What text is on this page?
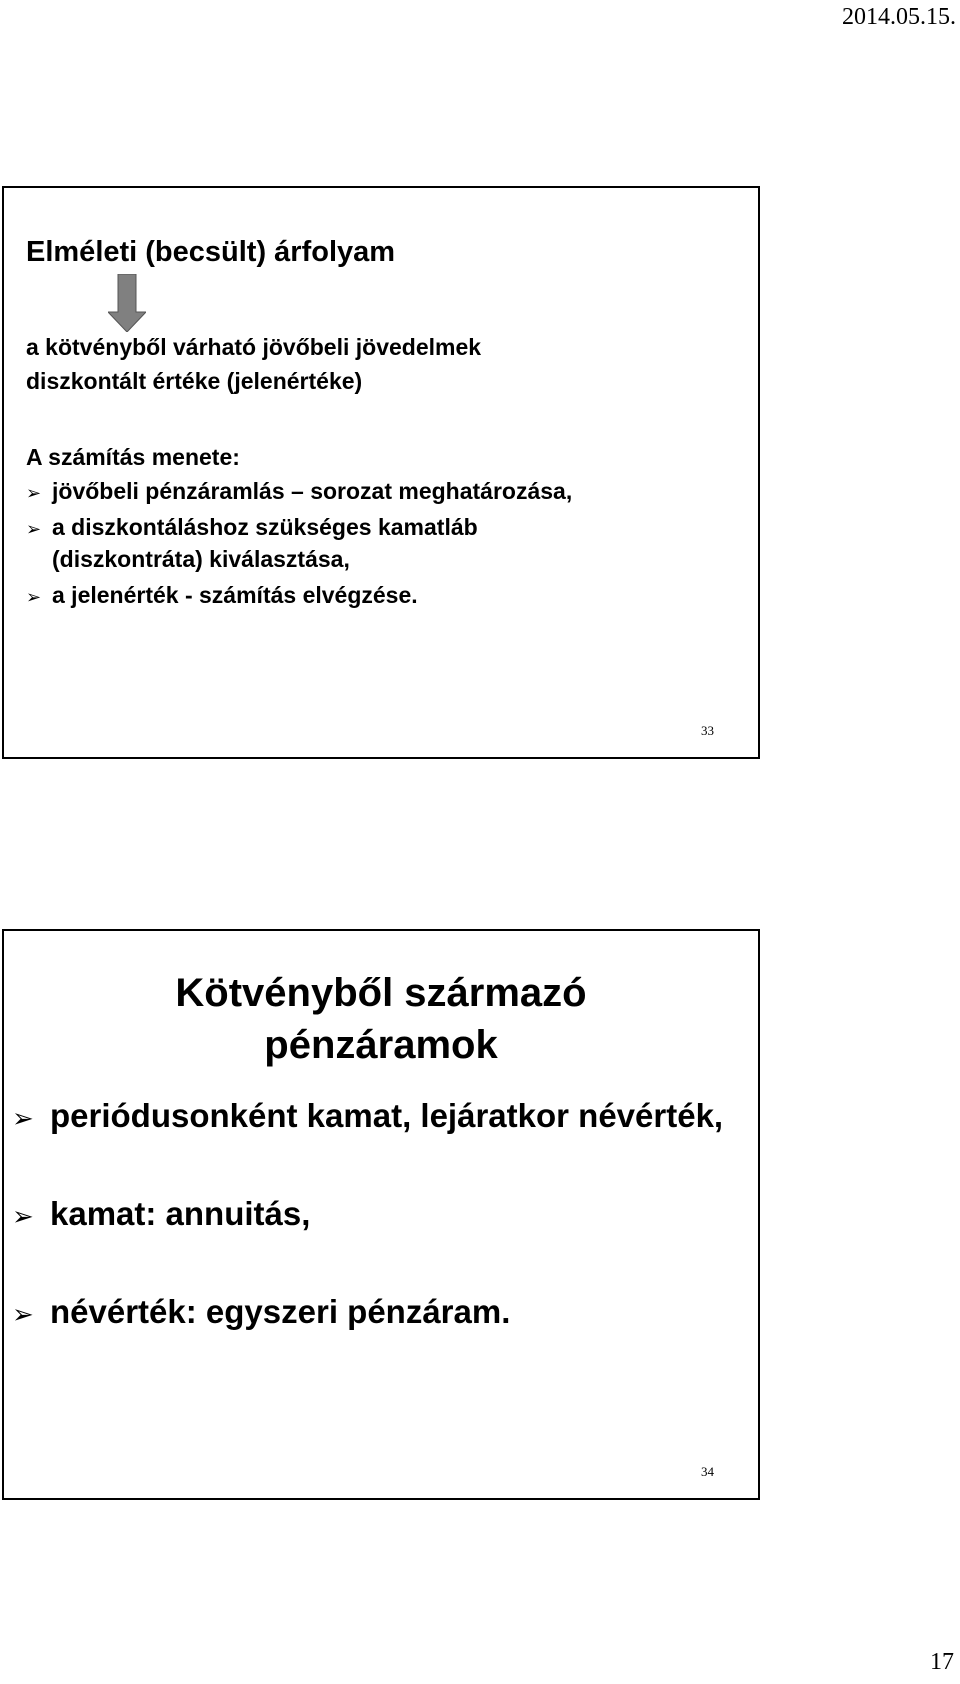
2014.05.15.
Elméleti (becsült) árfolyam
a kötvényből várható jövőbeli jövedelmek
diszkontált értéke (jelenértéke)
A számítás menete:
➢ jövőbeli pénzáramlás – sorozat meghatározása,
➢ a diszkontáláshoz szükséges kamatláb
(diszkontráta) kiválasztása,
➢ a jelenérték - számítás elvégzése.
33
Kötvényből származó
pénzáramok
➢ periódusonként kamat, lejáratkor névérték,
➢ kamat: annuitás,
➢ névérték: egyszeri pénzáram.
34
17
